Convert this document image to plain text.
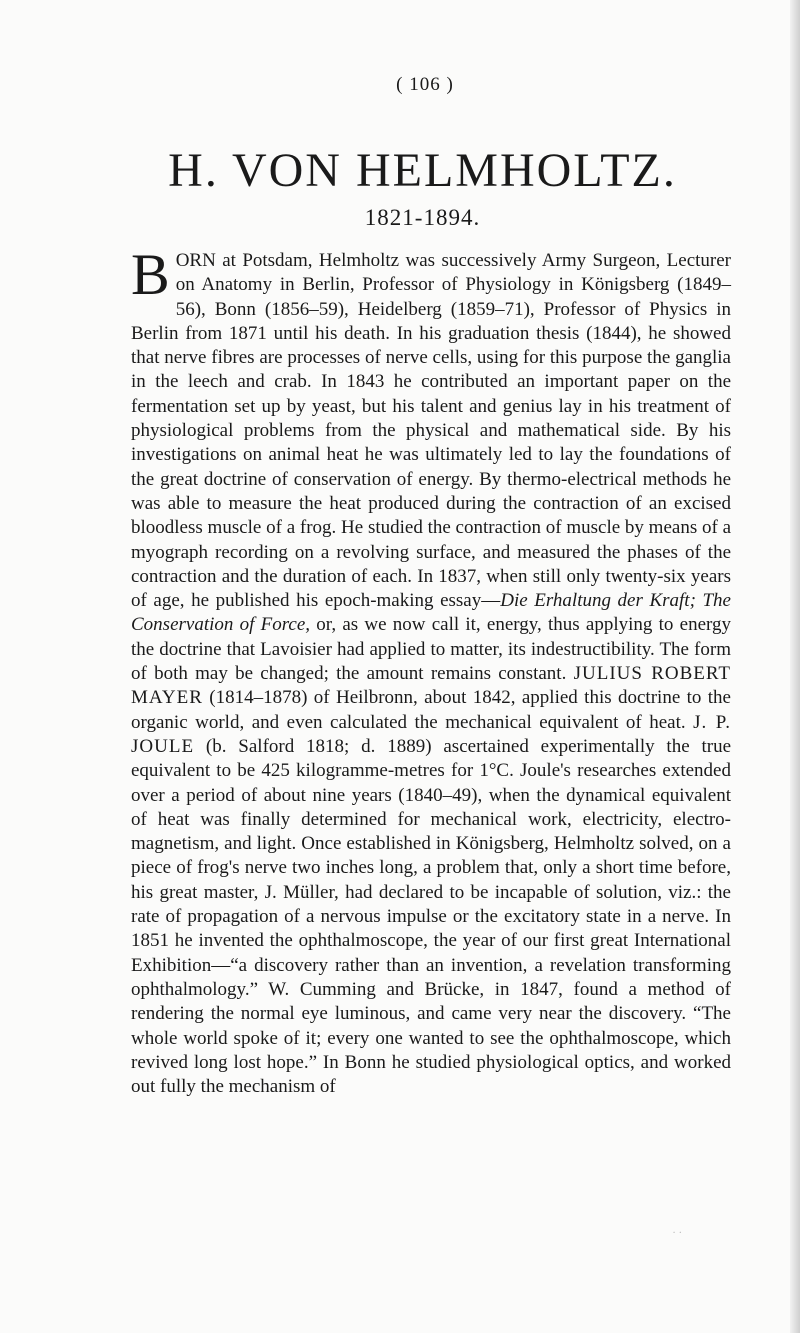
( 106 )
H. VON HELMHOLTZ.
1821-1894.

BORN at Potsdam, Helmholtz was successively Army Surgeon, Lecturer on Anatomy in Berlin, Professor of Physiology in Königsberg (1849–56), Bonn (1856–59), Heidelberg (1859–71), Professor of Physics in Berlin from 1871 until his death. In his graduation thesis (1844), he showed that nerve fibres are processes of nerve cells, using for this purpose the ganglia in the leech and crab. In 1843 he contributed an important paper on the fermentation set up by yeast, but his talent and genius lay in his treatment of physiological problems from the physical and mathematical side. By his investigations on animal heat he was ultimately led to lay the foundations of the great doctrine of conservation of energy. By thermo-electrical methods he was able to measure the heat produced during the contraction of an excised bloodless muscle of a frog. He studied the contraction of muscle by means of a myograph recording on a revolving surface, and measured the phases of the contraction and the duration of each. In 1837, when still only twenty-six years of age, he published his epoch-making essay—Die Erhaltung der Kraft; The Conservation of Force, or, as we now call it, energy, thus applying to energy the doctrine that Lavoisier had applied to matter, its indestructibility. The form of both may be changed; the amount remains constant. JULIUS ROBERT MAYER (1814–1878) of Heilbronn, about 1842, applied this doctrine to the organic world, and even calculated the mechanical equivalent of heat. J. P. JOULE (b. Salford 1818; d. 1889) ascertained experimentally the true equivalent to be 425 kilogramme-metres for 1°C. Joule's researches extended over a period of about nine years (1840–49), when the dynamical equivalent of heat was finally determined for mechanical work, electricity, electro-magnetism, and light. Once established in Königsberg, Helmholtz solved, on a piece of frog's nerve two inches long, a problem that, only a short time before, his great master, J. Müller, had declared to be incapable of solution, viz.: the rate of propagation of a nervous impulse or the excitatory state in a nerve. In 1851 he invented the ophthalmoscope, the year of our first great International Exhibition—“a discovery rather than an invention, a revelation transforming ophthalmology.” W. Cumming and Brücke, in 1847, found a method of rendering the normal eye luminous, and came very near the discovery. “The whole world spoke of it; every one wanted to see the ophthalmoscope, which revived long lost hope.” In Bonn he studied physiological optics, and worked out fully the mechanism of

· ·
